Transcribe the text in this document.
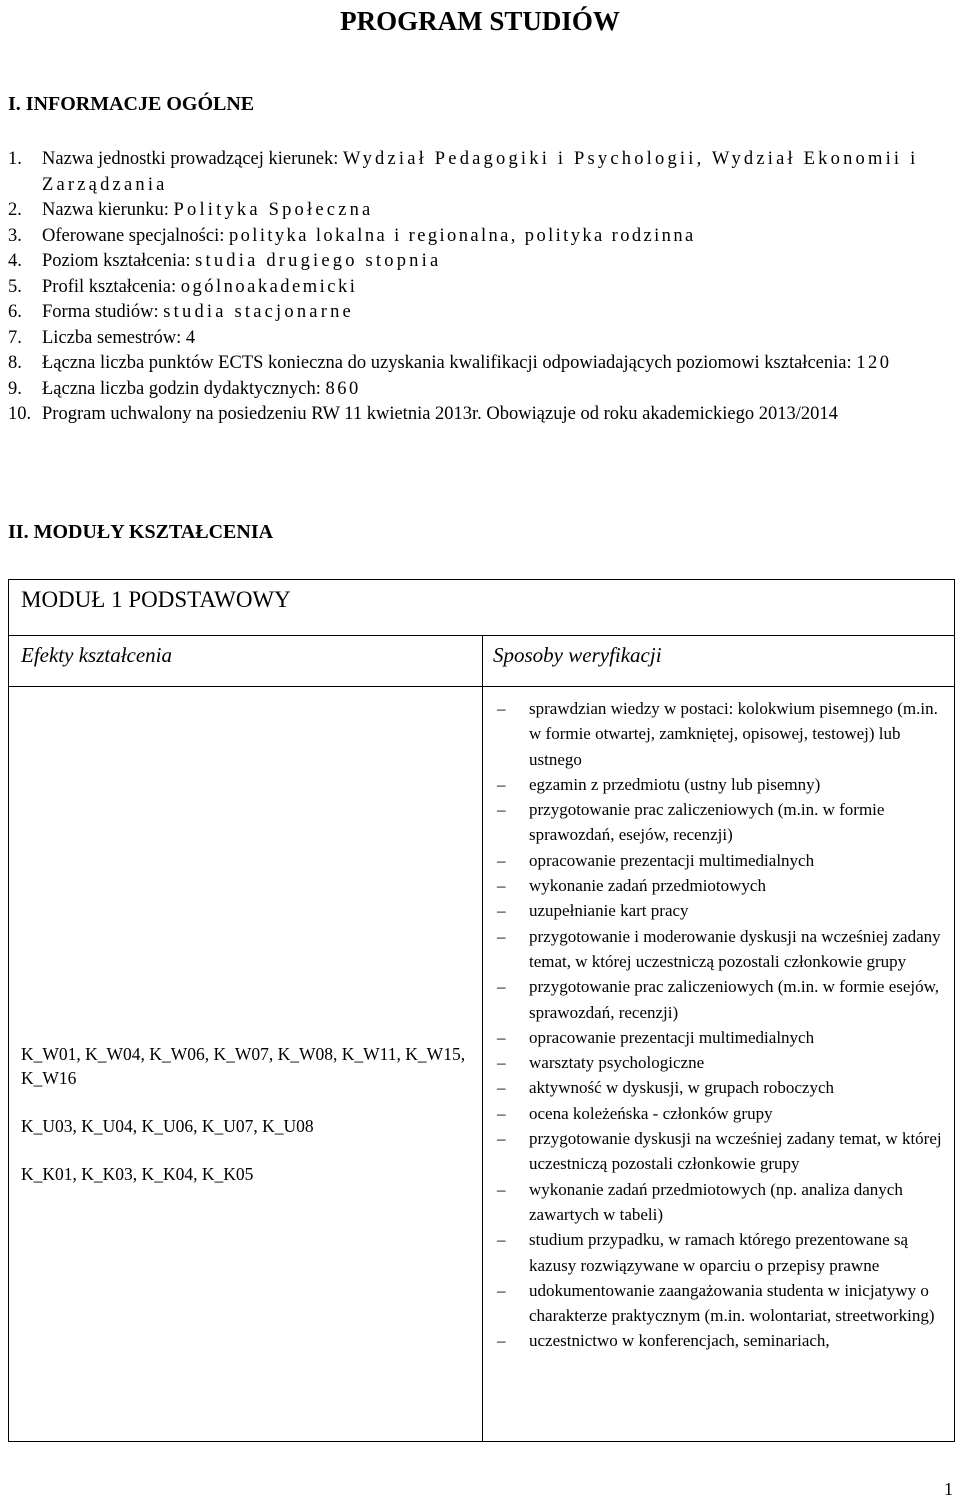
PROGRAM STUDIÓW
I. INFORMACJE OGÓLNE
1.	Nazwa jednostki prowadzącej kierunek: Wydział Pedagogiki i Psychologii, Wydział Ekonomii i Zarządzania
2.	Nazwa kierunku: Polityka Społeczna
3.	Oferowane specjalności: polityka lokalna i regionalna, polityka rodzinna
4.	Poziom kształcenia: studia drugiego stopnia
5.	Profil kształcenia: ogólnoakademicki
6.	Forma studiów: studia stacjonarne
7.	Liczba semestrów: 4
8.	Łączna liczba punktów ECTS konieczna do uzyskania kwalifikacji odpowiadających poziomowi kształcenia: 120
9.	Łączna liczba godzin dydaktycznych: 860
10. Program uchwalony na posiedzeniu RW 11 kwietnia 2013r. Obowiązuje od roku akademickiego 2013/2014
II. MODUŁY KSZTAŁCENIA
MODUŁ 1 PODSTAWOWY
Efekty kształcenia	Sposoby weryfikacji

K_W01, K_W04, K_W06, K_W07, K_W08, K_W11, K_W15, K_W16

K_U03, K_U04, K_U06, K_U07, K_U08

K_K01, K_K03, K_K04, K_K05

–	sprawdzian wiedzy w postaci: kolokwium pisemnego (m.in. w formie otwartej, zamkniętej, opisowej, testowej) lub ustnego
–	egzamin z przedmiotu (ustny lub pisemny)
–	przygotowanie prac zaliczeniowych (m.in. w formie sprawozdań, esejów, recenzji)
–	opracowanie prezentacji multimedialnych
–	wykonanie zadań przedmiotowych
–	uzupełnianie kart pracy
–	przygotowanie i moderowanie dyskusji na wcześniej zadany temat, w której uczestniczą pozostali członkowie grupy
–	przygotowanie prac zaliczeniowych (m.in. w formie esejów, sprawozdań, recenzji)
–	opracowanie prezentacji multimedialnych
–	warsztaty psychologiczne
–	aktywność w dyskusji, w grupach roboczych
–	ocena koleżeńska - członków grupy
–	przygotowanie dyskusji na wcześniej zadany temat, w której uczestniczą pozostali członkowie grupy
–	wykonanie zadań przedmiotowych (np. analiza danych zawartych w tabeli)
–	studium przypadku, w ramach którego prezentowane są kazusy rozwiązywane w oparciu o przepisy prawne
–	udokumentowanie zaangażowania studenta w inicjatywy o charakterze praktycznym (m.in. wolontariat, streetworking)
–	uczestnictwo w konferencjach, seminariach,
1
